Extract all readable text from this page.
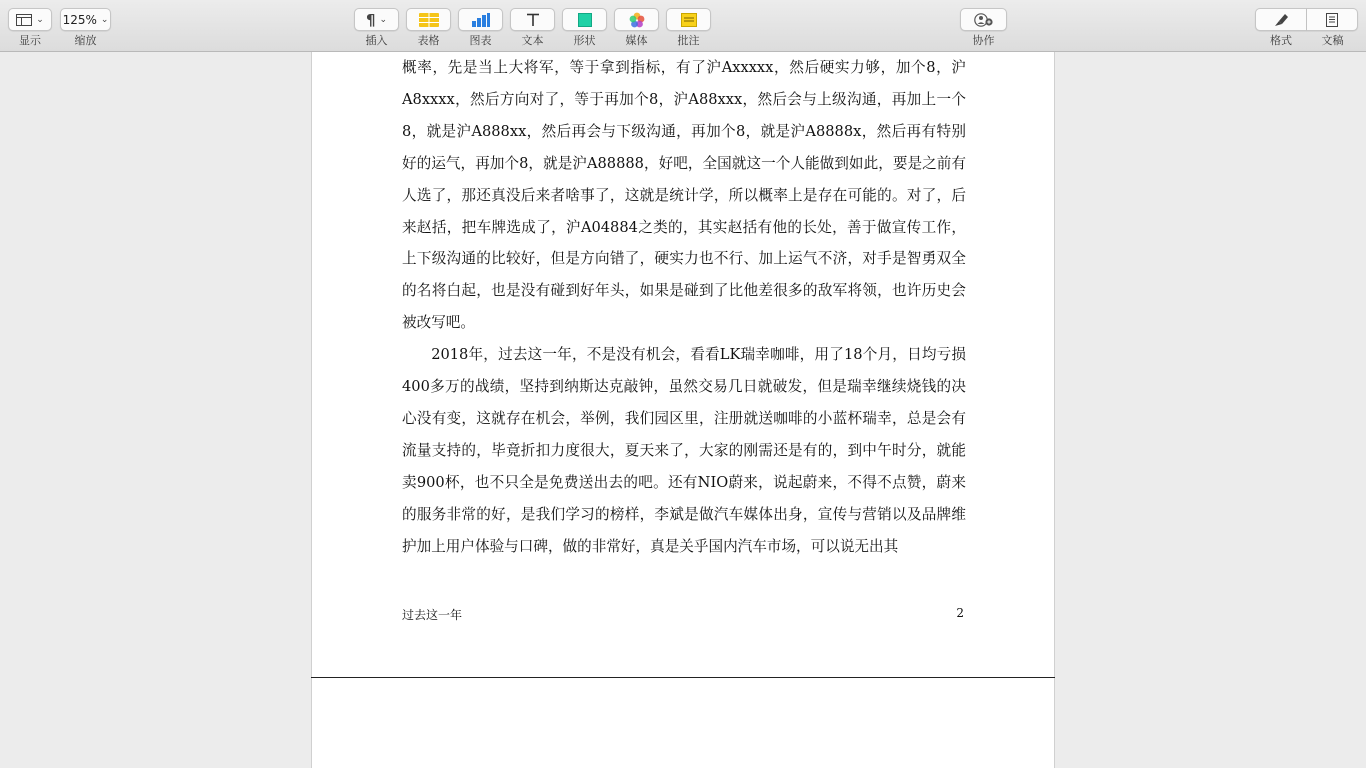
⌄
显示
125% ⌄
缩放
¶ ⌄
插入	表格	图表	文本	形状	媒体	批注	协作	格式	文稿

概率，先是当上大将军，等于拿到指标，有了沪Axxxxx，然后硬实力够，加个8，沪A8xxxx，然后方向对了，等于再加个8，沪A88xxx，然后会与上级沟通，再加上一个8，就是沪A888xx，然后再会与下级沟通，再加个8，就是沪A8888x，然后再有特别好的运气，再加个8，就是沪A88888，好吧，全国就这一个人能做到如此，要是之前有人选了，那还真没后来者啥事了，这就是统计学，所以概率上是存在可能的。对了，后来赵括，把车牌选成了，沪A04884之类的，其实赵括有他的长处，善于做宣传工作，上下级沟通的比较好，但是方向错了，硬实力也不行、加上运气不济，对手是智勇双全的名将白起，也是没有碰到好年头，如果是碰到了比他差很多的敌军将领，也许历史会被改写吧。

2018年，过去这一年，不是没有机会，看看LK瑞幸咖啡，用了18个月，日均亏损400多万的战绩，坚持到纳斯达克敲钟，虽然交易几日就破发，但是瑞幸继续烧钱的决心没有变，这就存在机会，举例，我们园区里，注册就送咖啡的小蓝杯瑞幸，总是会有流量支持的，毕竟折扣力度很大，夏天来了，大家的刚需还是有的，到中午时分，就能卖900杯，也不只全是免费送出去的吧。还有NIO蔚来，说起蔚来，不得不点赞，蔚来的服务非常的好，是我们学习的榜样，李斌是做汽车媒体出身，宣传与营销以及品牌维护加上用户体验与口碑，做的非常好，真是关乎国内汽车市场，可以说无出其

过去这一年	2
